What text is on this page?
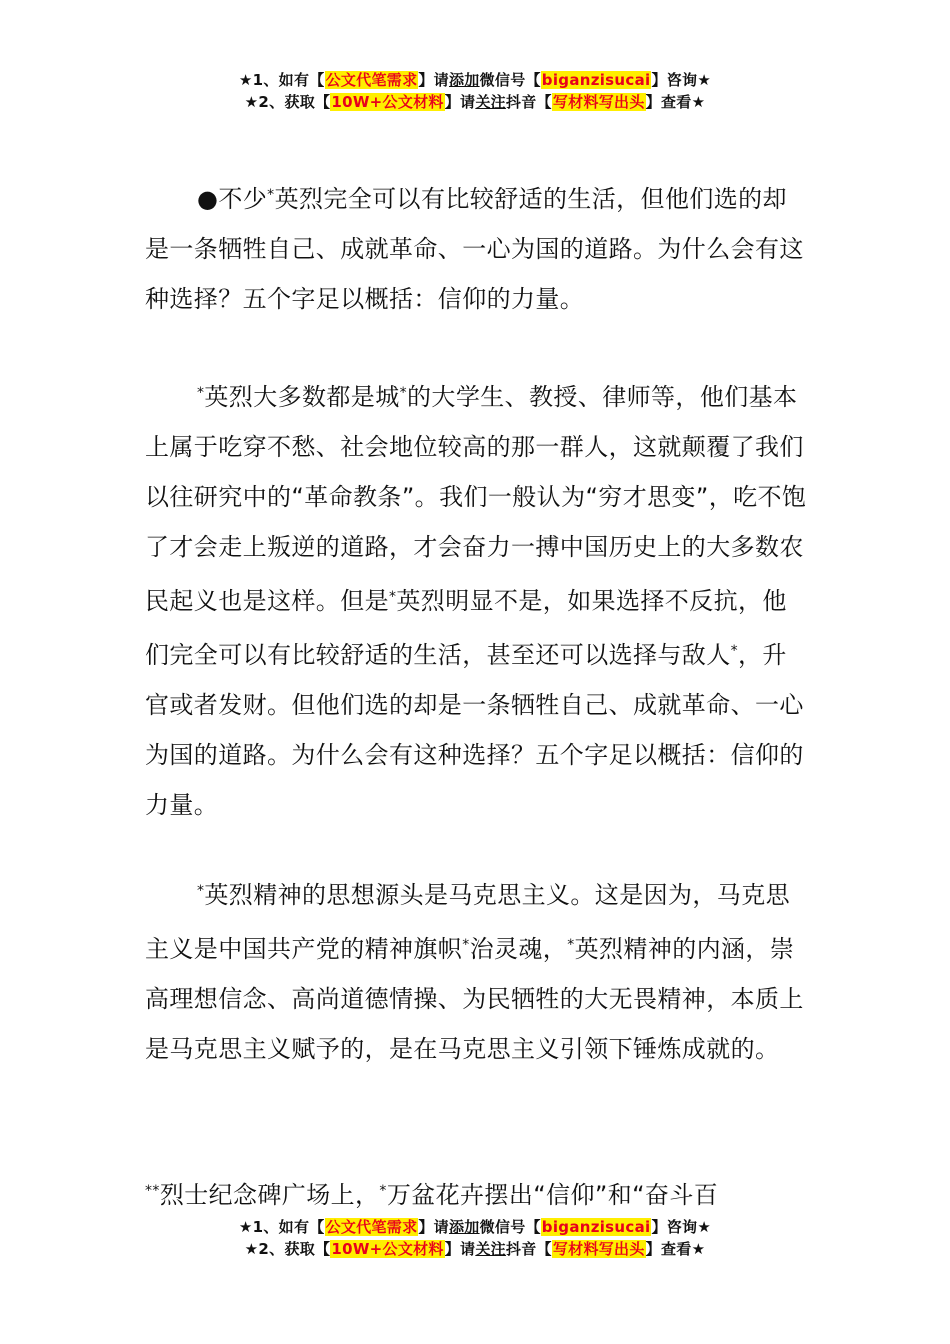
★1、如有【公文代笔需求】请添加微信号【biganzisucai】咨询★
★2、获取【10W+公文材料】请关注抖音【写材料写出头】查看★

●不少*英烈完全可以有比较舒适的生活，但他们选的却是一条牺牲自己、成就革命、一心为国的道路。为什么会有这种选择？五个字足以概括：信仰的力量。

*英烈大多数都是城*的大学生、教授、律师等，他们基本上属于吃穿不愁、社会地位较高的那一群人，这就颠覆了我们以往研究中的“革命教条”。我们一般认为“穷才思变”，吃不饱了才会走上叛逆的道路，才会奋力一搏中国历史上的大多数农民起义也是这样。但是*英烈明显不是，如果选择不反抗，他们完全可以有比较舒适的生活，甚至还可以选择与敌人*，升官或者发财。但他们选的却是一条牺牲自己、成就革命、一心为国的道路。为什么会有这种选择？五个字足以概括：信仰的力量。

*英烈精神的思想源头是马克思主义。这是因为，马克思主义是中国共产党的精神旗帜*治灵魂，*英烈精神的内涵，崇高理想信念、高尚道德情操、为民牺牲的大无畏精神，本质上是马克思主义赋予的，是在马克思主义引领下锤炼成就的。

**烈士纪念碑广场上，*万盆花卉摆出“信仰”和“奋斗百

★1、如有【公文代笔需求】请添加微信号【biganzisucai】咨询★
★2、获取【10W+公文材料】请关注抖音【写材料写出头】查看★
